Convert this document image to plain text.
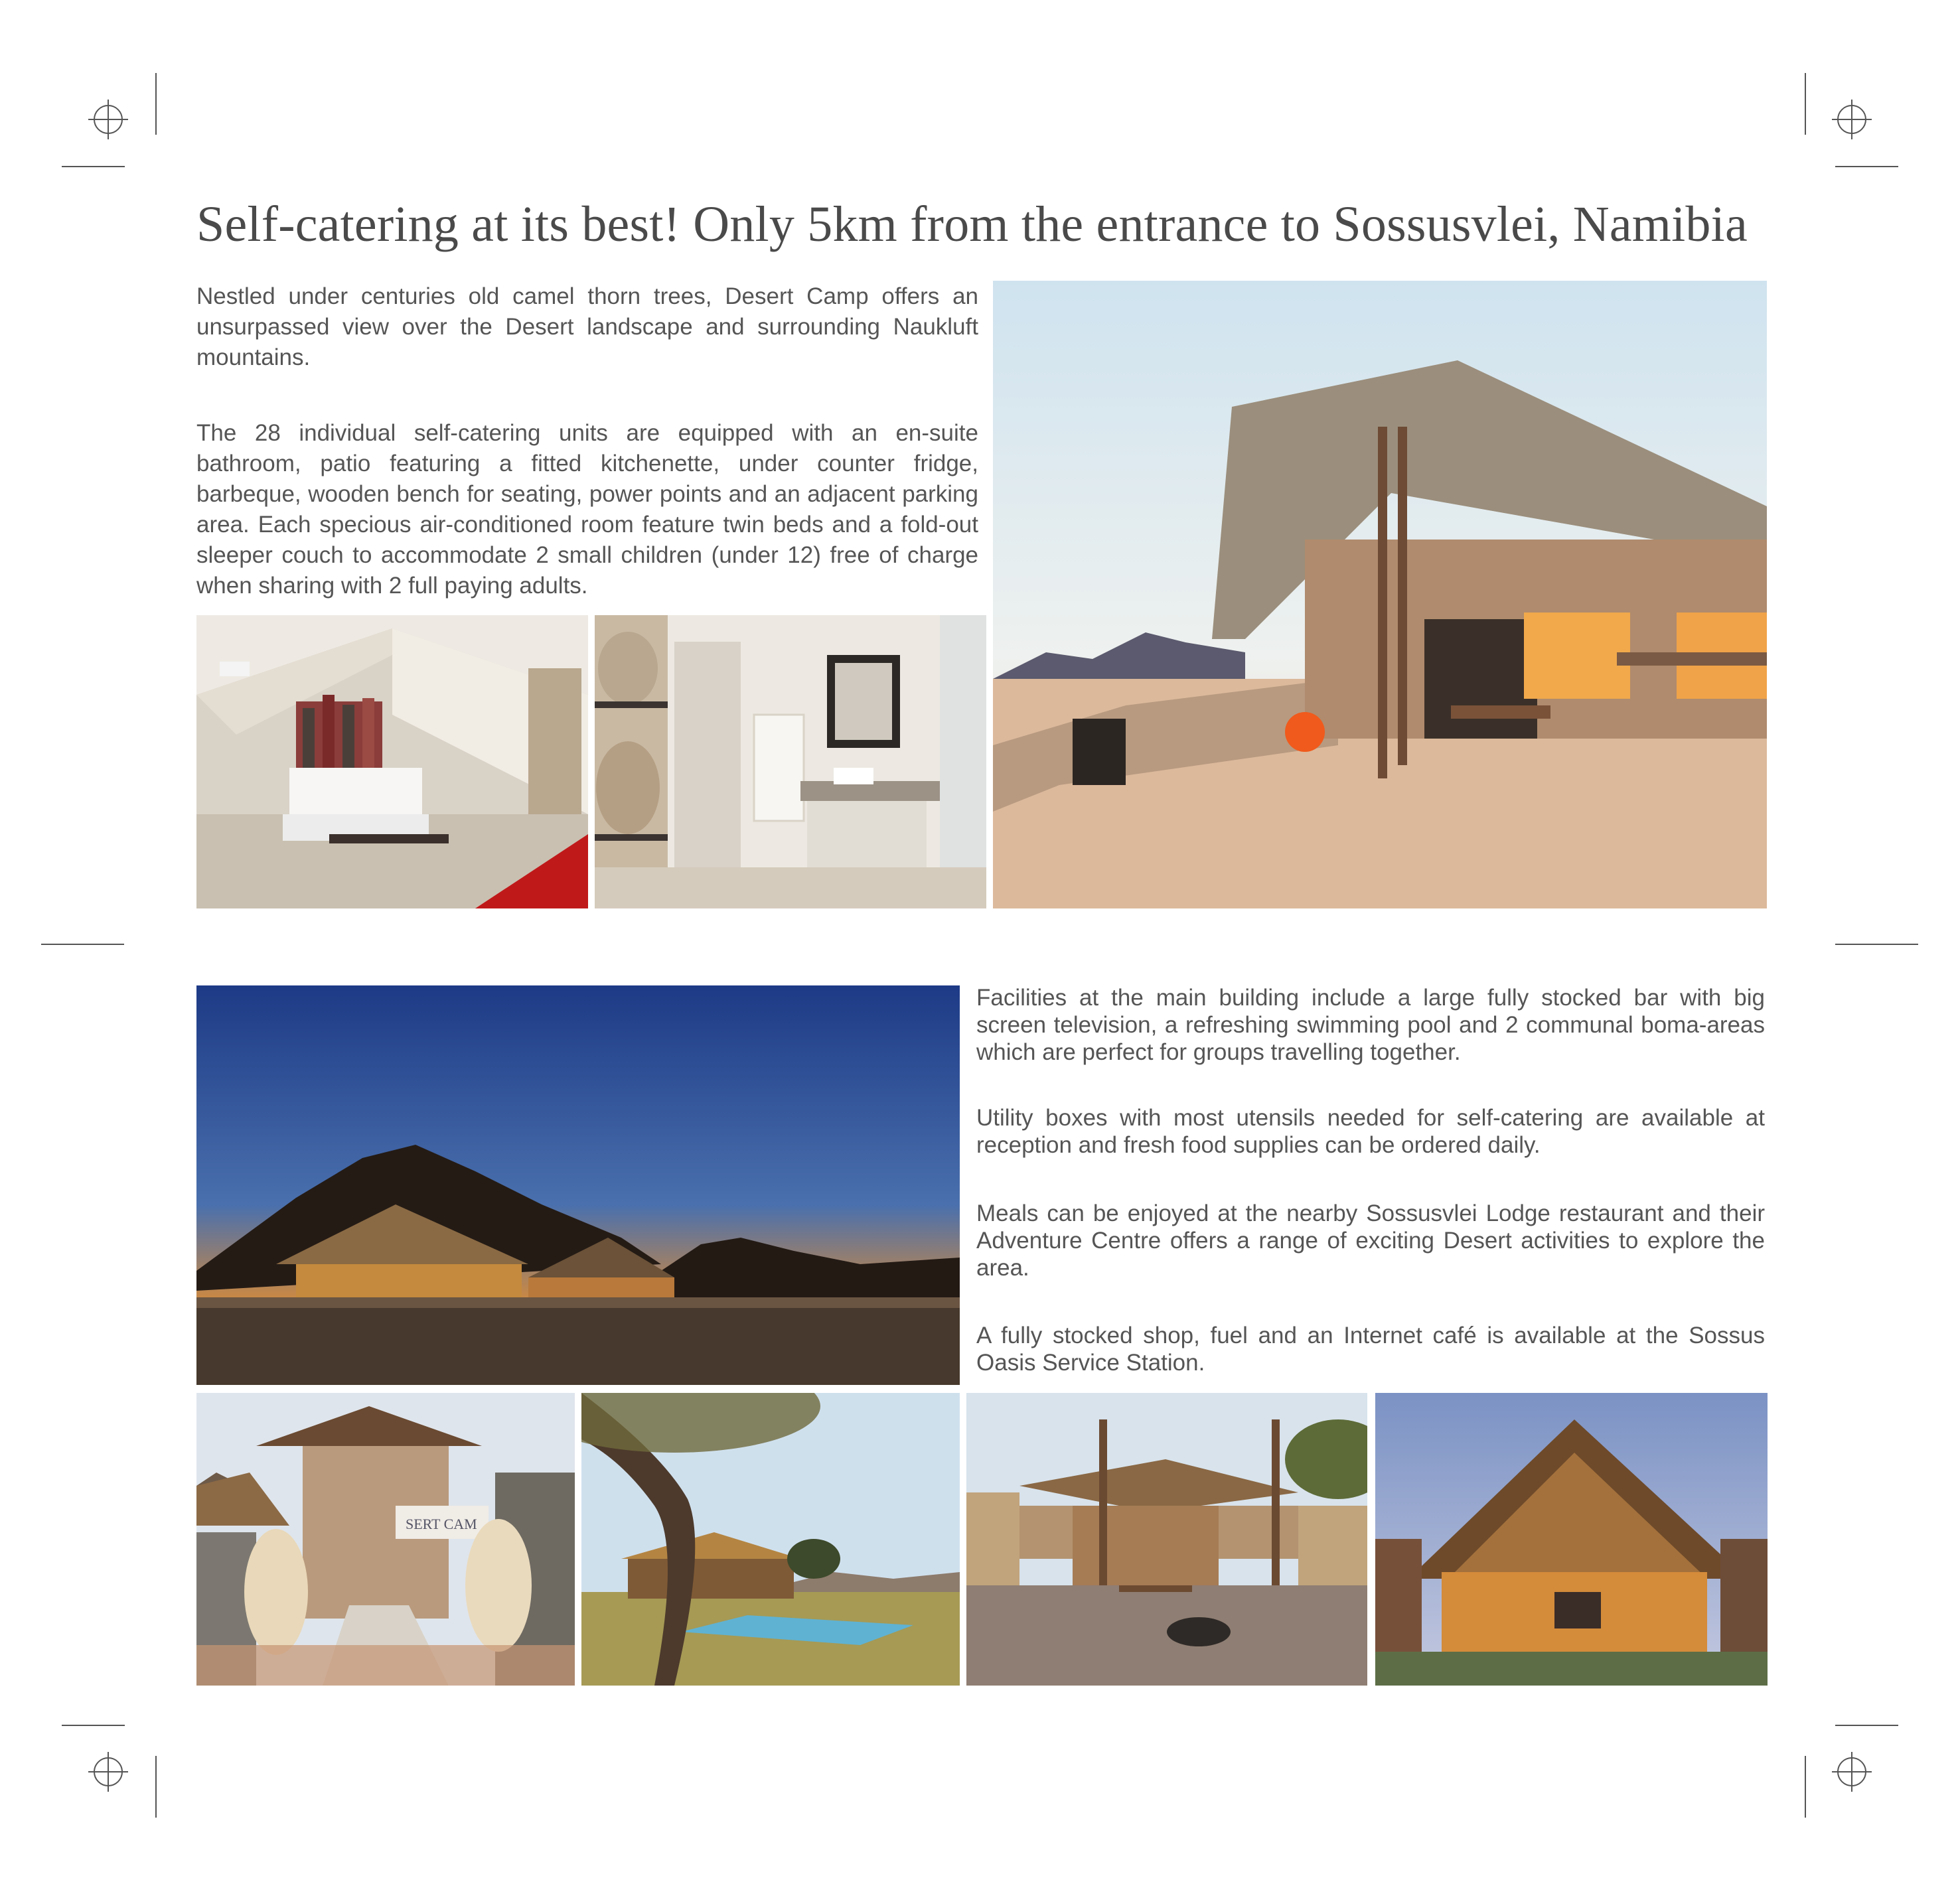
Self-catering at its best! Only 5km from the entrance to Sossusvlei, Namibia

Nestled under centuries old camel thorn trees, Desert Camp offers an unsurpassed view over the Desert landscape and surrounding Naukluft mountains.

The 28 individual self-catering units are equipped with an en-suite bathroom, patio featuring a fitted kitchenette, under counter fridge, barbeque, wooden bench for seating, power points and an adjacent parking area. Each specious air-conditioned room feature twin beds and a fold-out sleeper couch to accommodate 2 small children (under 12) free of charge when sharing with 2 full paying adults.

Facilities at the main building include a large fully stocked bar with big screen television, a refreshing swimming pool and 2 communal boma-areas which are perfect for groups travelling together.

Utility boxes with most utensils needed for self-catering are available at reception and fresh food supplies can be ordered daily.

Meals can be enjoyed at the nearby Sossusvlei Lodge restaurant and their Adventure Centre offers a range of exciting Desert activities to explore the area.

A fully stocked shop, fuel and an Internet café is available at the Sossus Oasis Service Station.

SERT CAM
